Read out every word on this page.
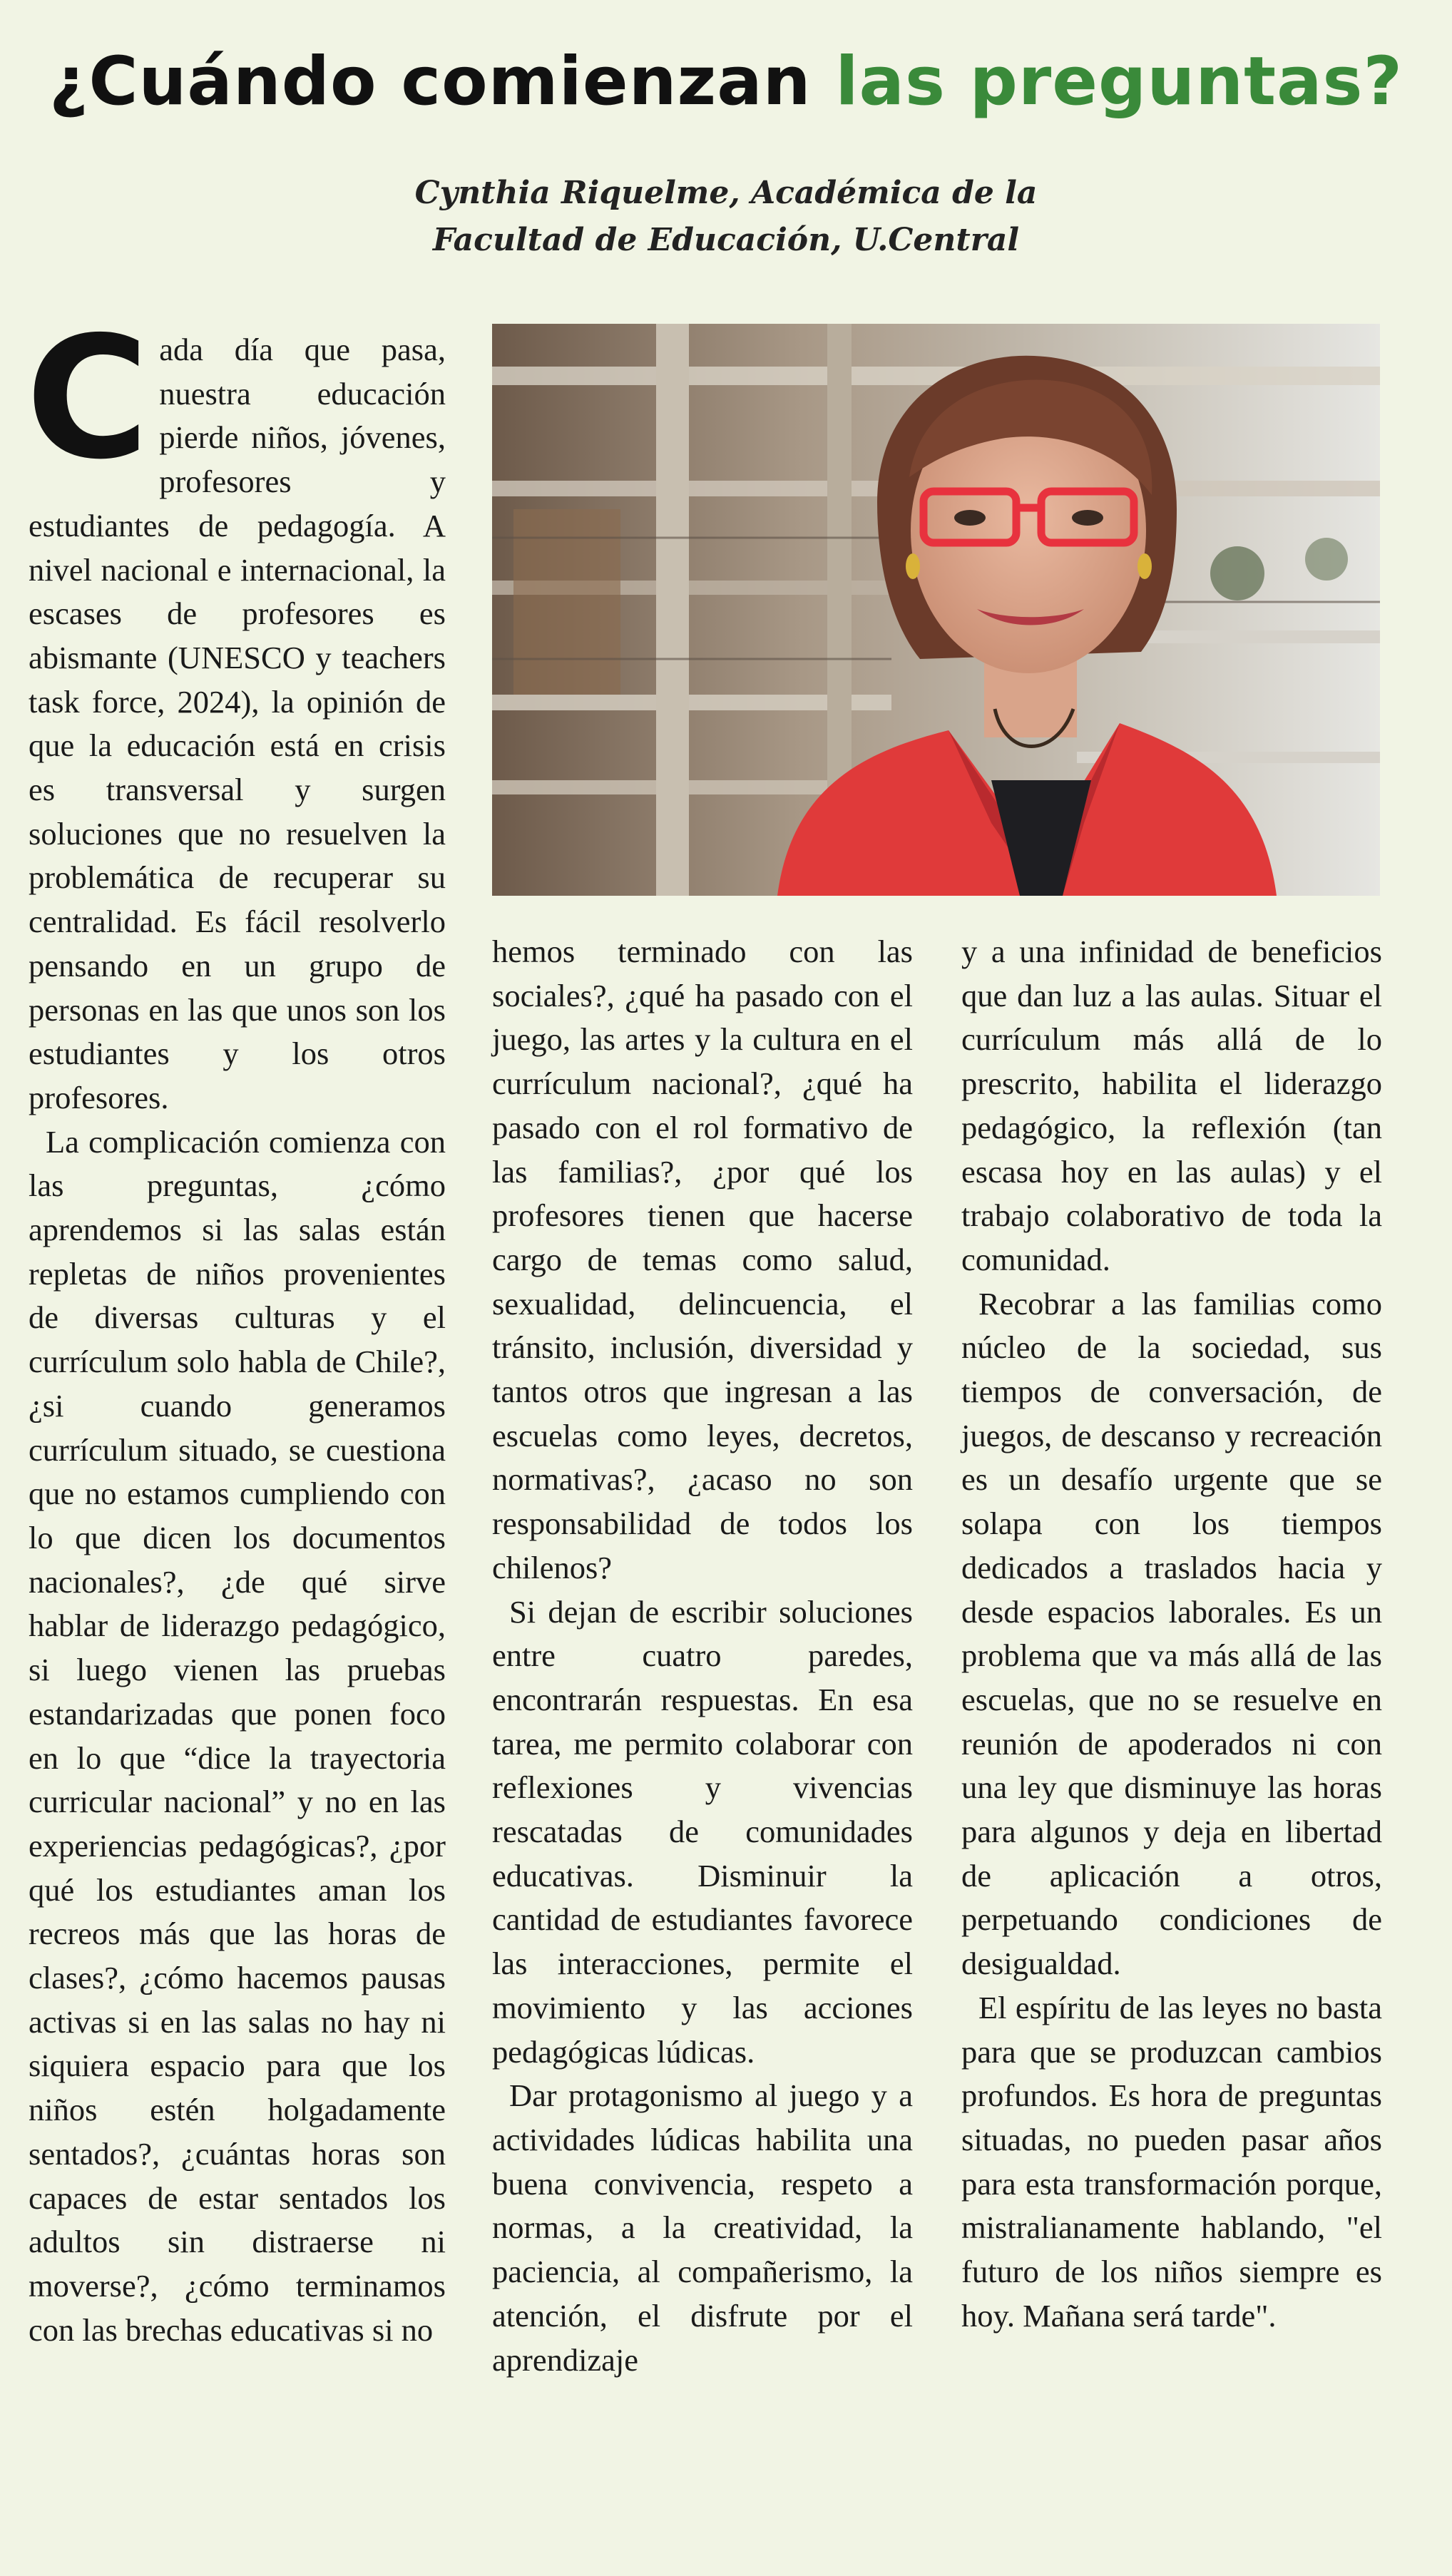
¿Cuándo comienzan las preguntas?
Cynthia Riquelme, Académica de la
Facultad de Educación, U.Central
C ada día que pasa, nuestra educación pierde niños, jóvenes, profesores y estudiantes de pedagogía. A nivel nacional e internacional, la escases de profesores es abismante (UNESCO y teachers task force, 2024), la opinión de que la educación está en crisis es transversal y surgen soluciones que no resuelven la problemática de recuperar su centralidad. Es fácil resolverlo pensando en un grupo de personas en las que unos son los estudiantes y los otros profesores.

La complicación comienza con las preguntas, ¿cómo aprendemos si las salas están repletas de niños provenientes de diversas culturas y el currículum solo habla de Chile?, ¿si cuando generamos currículum situado, se cuestiona que no estamos cumpliendo con lo que dicen los documentos nacionales?, ¿de qué sirve hablar de liderazgo pedagógico, si luego vienen las pruebas estandarizadas que ponen foco en lo que “dice la trayectoria curricular nacional” y no en las experiencias pedagógicas?, ¿por qué los estudiantes aman los recreos más que las horas de clases?, ¿cómo hacemos pausas activas si en las salas no hay ni siquiera espacio para que los niños estén holgadamente sentados?, ¿cuántas horas son capaces de estar sentados los adultos sin distraerse ni moverse?, ¿cómo terminamos con las brechas educativas si no

hemos terminado con las sociales?, ¿qué ha pasado con el juego, las artes y la cultura en el currículum nacional?, ¿qué ha pasado con el rol formativo de las familias?, ¿por qué los profesores tienen que hacerse cargo de temas como salud, sexualidad, delincuencia, el tránsito, inclusión, diversidad y tantos otros que ingresan a las escuelas como leyes, decretos, normativas?, ¿acaso no son responsabilidad de todos los chilenos?

Si dejan de escribir soluciones entre cuatro paredes, encontrarán respuestas. En esa tarea, me permito colaborar con reflexiones y vivencias rescatadas de comunidades educativas. Disminuir la cantidad de estudiantes favorece las interacciones, permite el movimiento y las acciones pedagógicas lúdicas.

Dar protagonismo al juego y a actividades lúdicas habilita una buena convivencia, respeto a normas, a la creatividad, la paciencia, al compañerismo, la atención, el disfrute por el aprendizaje

y a una infinidad de beneficios que dan luz a las aulas. Situar el currículum más allá de lo prescrito, habilita el liderazgo pedagógico, la reflexión (tan escasa hoy en las aulas) y el trabajo colaborativo de toda la comunidad.

Recobrar a las familias como núcleo de la sociedad, sus tiempos de conversación, de juegos, de descanso y recreación es un desafío urgente que se solapa con los tiempos dedicados a traslados hacia y desde espacios laborales. Es un problema que va más allá de las escuelas, que no se resuelve en reunión de apoderados ni con una ley que disminuye las horas para algunos y deja en libertad de aplicación a otros, perpetuando condiciones de desigualdad.

El espíritu de las leyes no basta para que se produzcan cambios profundos. Es hora de preguntas situadas, no pueden pasar años para esta transformación porque, mistralianamente hablando, "el futuro de los niños siempre es hoy. Mañana será tarde".
